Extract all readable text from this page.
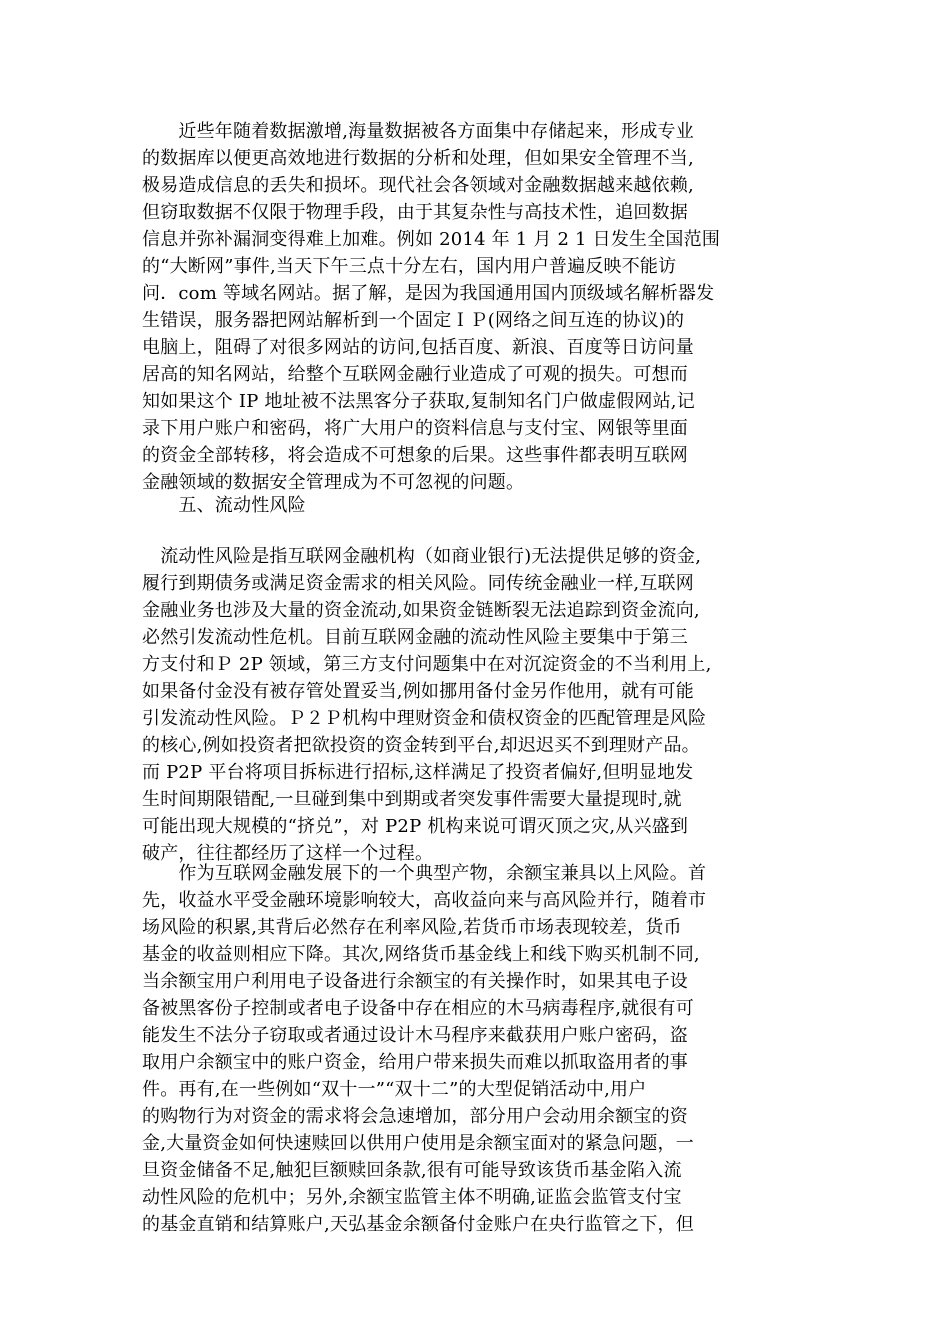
　　近些年随着数据激增,海量数据被各方面集中存储起来，形成专业
的数据库以便更高效地进行数据的分析和处理，但如果安全管理不当,
极易造成信息的丢失和损坏。现代社会各领域对金融数据越来越依赖,
但窃取数据不仅限于物理手段，由于其复杂性与高技术性，追回数据
信息并弥补漏洞变得难上加难。例如 2014 年 1 月 2 1 日发生全国范围
的“大断网”事件,当天下午三点十分左右，国内用户普遍反映不能访
问．com 等域名网站。据了解，是因为我国通用国内顶级域名解析器发
生错误，服务器把网站解析到一个固定ＩＰ(网络之间互连的协议)的
电脑上，阻碍了对很多网站的访问,包括百度、新浪、百度等日访问量
居高的知名网站，给整个互联网金融行业造成了可观的损失。可想而
知如果这个 IP 地址被不法黑客分子获取,复制知名门户做虚假网站,记
录下用户账户和密码，将广大用户的资料信息与支付宝、网银等里面
的资金全部转移，将会造成不可想象的后果。这些事件都表明互联网
金融领域的数据安全管理成为不可忽视的问题。
　　五、流动性风险
　流动性风险是指互联网金融机构（如商业银行)无法提供足够的资金,
履行到期债务或满足资金需求的相关风险。同传统金融业一样,互联网
金融业务也涉及大量的资金流动,如果资金链断裂无法追踪到资金流向,
必然引发流动性危机。目前互联网金融的流动性风险主要集中于第三
方支付和Ｐ 2P 领域，第三方支付问题集中在对沉淀资金的不当利用上,
如果备付金没有被存管处置妥当,例如挪用备付金另作他用，就有可能
引发流动性风险。Ｐ２Ｐ机构中理财资金和债权资金的匹配管理是风险
的核心,例如投资者把欲投资的资金转到平台,却迟迟买不到理财产品。
而 P2P 平台将项目拆标进行招标,这样满足了投资者偏好,但明显地发
生时间期限错配,一旦碰到集中到期或者突发事件需要大量提现时,就
可能出现大规模的“挤兑”，对 P2P 机构来说可谓灭顶之灾,从兴盛到
破产，往往都经历了这样一个过程。
　　作为互联网金融发展下的一个典型产物，余额宝兼具以上风险。首
先，收益水平受金融环境影响较大，高收益向来与高风险并行，随着市
场风险的积累,其背后必然存在利率风险,若货币市场表现较差，货币
基金的收益则相应下降。其次,网络货币基金线上和线下购买机制不同,
当余额宝用户利用电子设备进行余额宝的有关操作时，如果其电子设
备被黑客份子控制或者电子设备中存在相应的木马病毒程序,就很有可
能发生不法分子窃取或者通过设计木马程序来截获用户账户密码，盗
取用户余额宝中的账户资金，给用户带来损失而难以抓取盗用者的事
件。再有,在一些例如“双十一”“双十二”的大型促销活动中,用户
的购物行为对资金的需求将会急速增加，部分用户会动用余额宝的资
金,大量资金如何快速赎回以供用户使用是余额宝面对的紧急问题，一
旦资金储备不足,触犯巨额赎回条款,很有可能导致该货币基金陷入流
动性风险的危机中；另外,余额宝监管主体不明确,证监会监管支付宝
的基金直销和结算账户,天弘基金余额备付金账户在央行监管之下，但
